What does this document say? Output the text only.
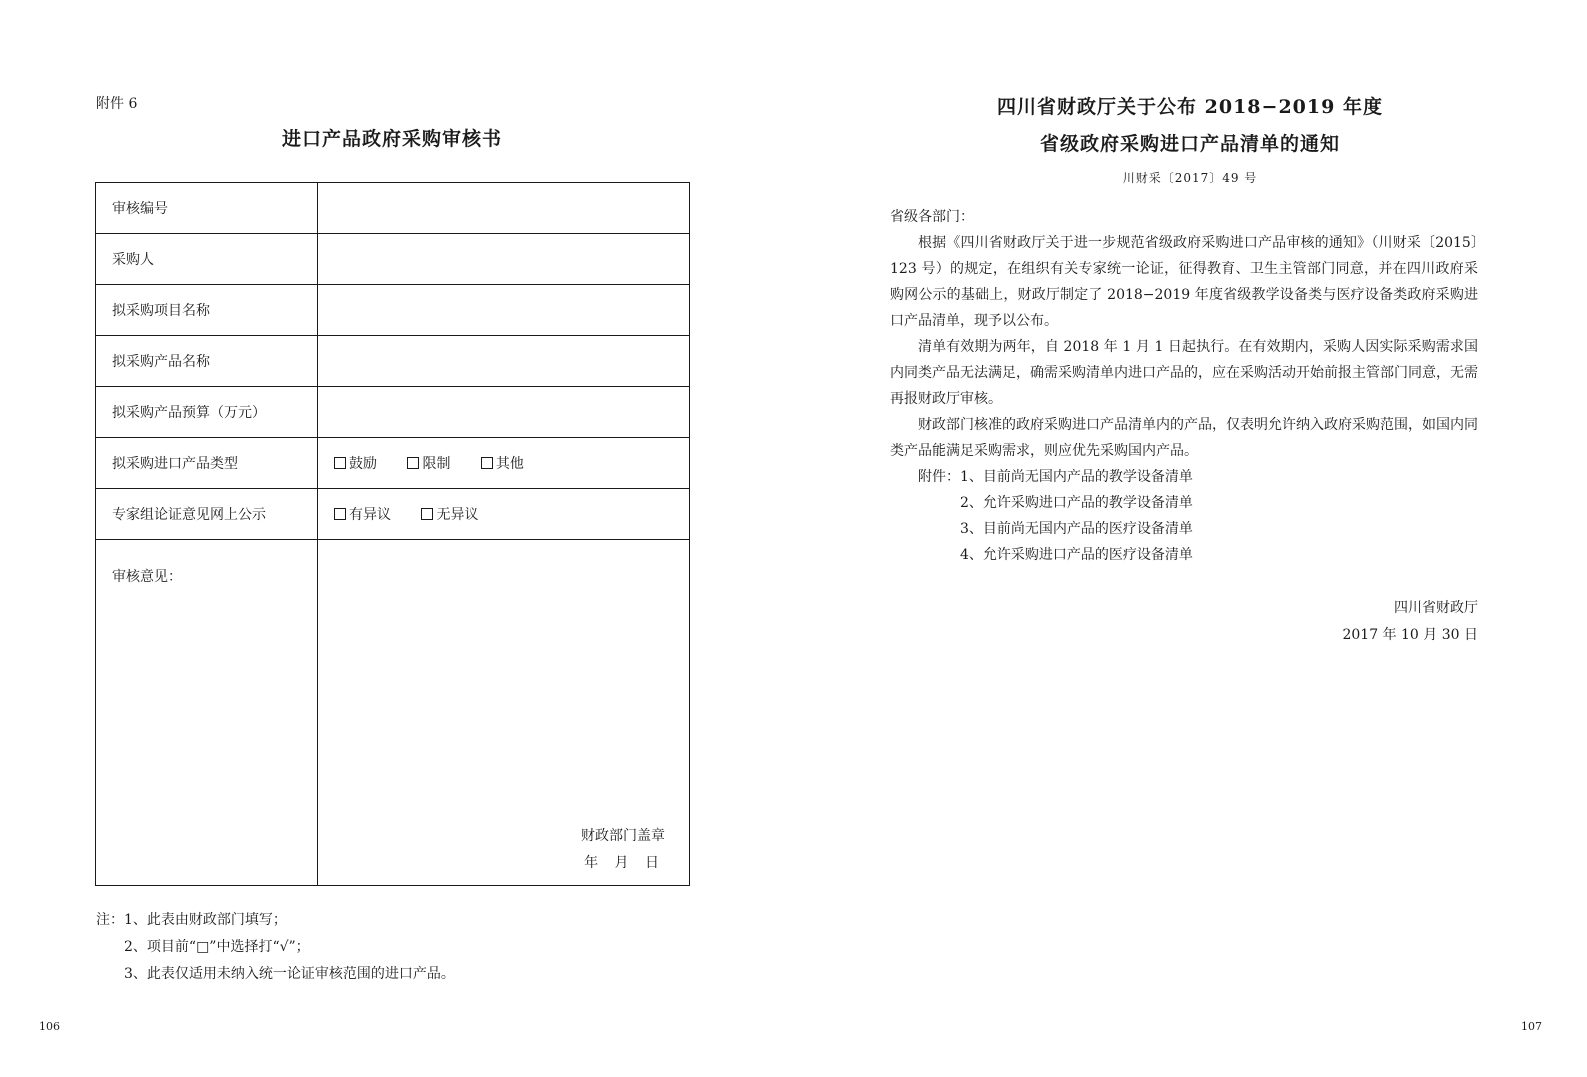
附件 6
进口产品政府采购审核书
审核编号	
采购人	
拟采购项目名称	
拟采购产品名称	
拟采购产品预算（万元）	
拟采购进口产品类型	鼓励
限制
其他

专家组论证意见网上公示	有异议
无异议

审核意见：	财政部门盖章
年 月 日
注：1、此表由财政部门填写；
2、项目前“□”中选择打“√”；
3、此表仅适用未纳入统一论证审核范围的进口产品。
106
四川省财政厅关于公布 2018−2019 年度
省级政府采购进口产品清单的通知
川财采〔2017〕49 号

省级各部门：

根据《四川省财政厅关于进一步规范省级政府采购进口产品审核的通知》（川财采〔2015〕123 号）的规定，在组织有关专家统一论证，征得教育、卫生主管部门同意，并在四川政府采购网公示的基础上，财政厅制定了 2018−2019 年度省级教学设备类与医疗设备类政府采购进口产品清单，现予以公布。

清单有效期为两年，自 2018 年 1 月 1 日起执行。在有效期内，采购人因实际采购需求国内同类产品无法满足，确需采购清单内进口产品的，应在采购活动开始前报主管部门同意，无需再报财政厅审核。

财政部门核准的政府采购进口产品清单内的产品，仅表明允许纳入政府采购范围，如国内同类产品能满足采购需求，则应优先采购国内产品。

附件：1、目前尚无国内产品的教学设备清单

2、允许采购进口产品的教学设备清单
3、目前尚无国内产品的医疗设备清单
4、允许采购进口产品的医疗设备清单
四川省财政厅
2017 年 10 月 30 日
107
